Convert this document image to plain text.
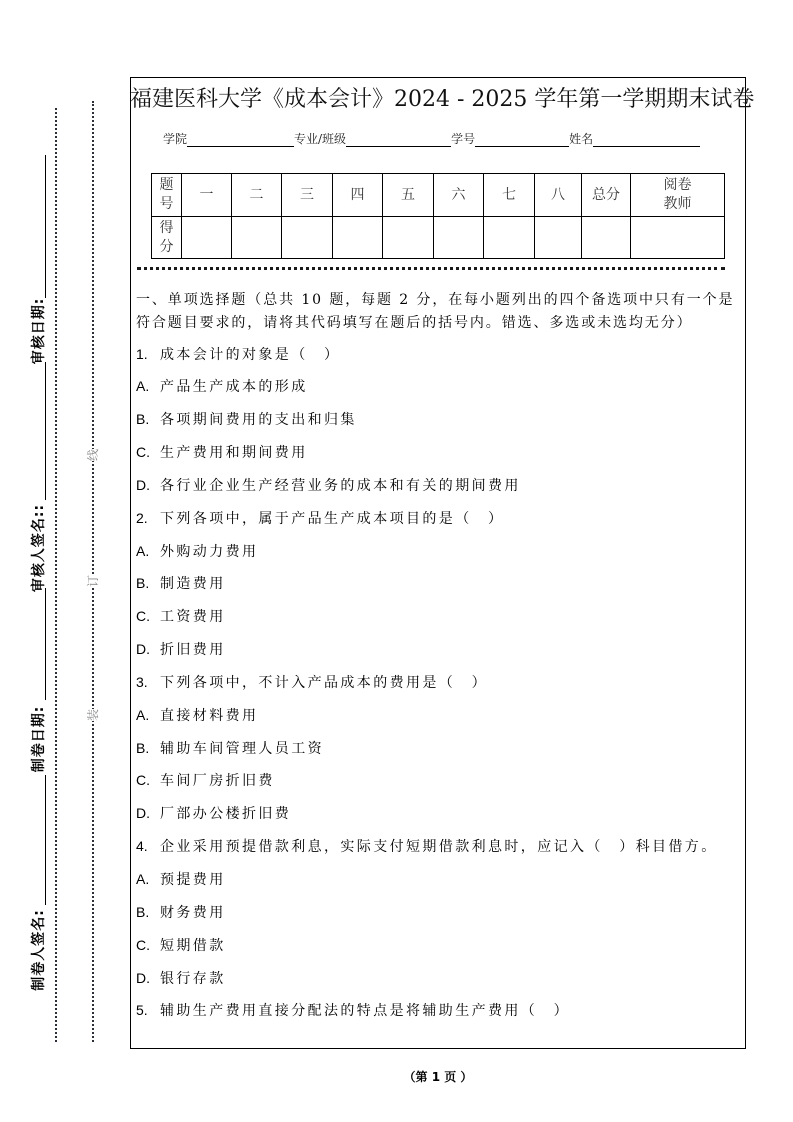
审核日期:
审核人签名::
制卷日期:
制卷人签名:
线
订
装
福建医科大学《成本会计》2024 - 2025 学年第一学期期末试卷
学院	专业/班级	学号	姓名
题号	一	二	三	四	五	六	七	八	总分	阅卷教师

得分										

一、单项选择题（总共 10 题，每题 2 分，在每小题列出的四个备选项中只有一个是
符合题目要求的，请将其代码填写在题后的括号内。错选、多选或未选均无分）
1. 成本会计的对象是（　）
A. 产品生产成本的形成
B. 各项期间费用的支出和归集
C. 生产费用和期间费用
D. 各行业企业生产经营业务的成本和有关的期间费用
2. 下列各项中，属于产品生产成本项目的是（　）
A. 外购动力费用
B. 制造费用
C. 工资费用
D. 折旧费用
3. 下列各项中，不计入产品成本的费用是（　）
A. 直接材料费用
B. 辅助车间管理人员工资
C. 车间厂房折旧费
D. 厂部办公楼折旧费
4. 企业采用预提借款利息，实际支付短期借款利息时，应记入（　）科目借方。
A. 预提费用
B. 财务费用
C. 短期借款
D. 银行存款
5. 辅助生产费用直接分配法的特点是将辅助生产费用（　）
（第 1 页 ）
